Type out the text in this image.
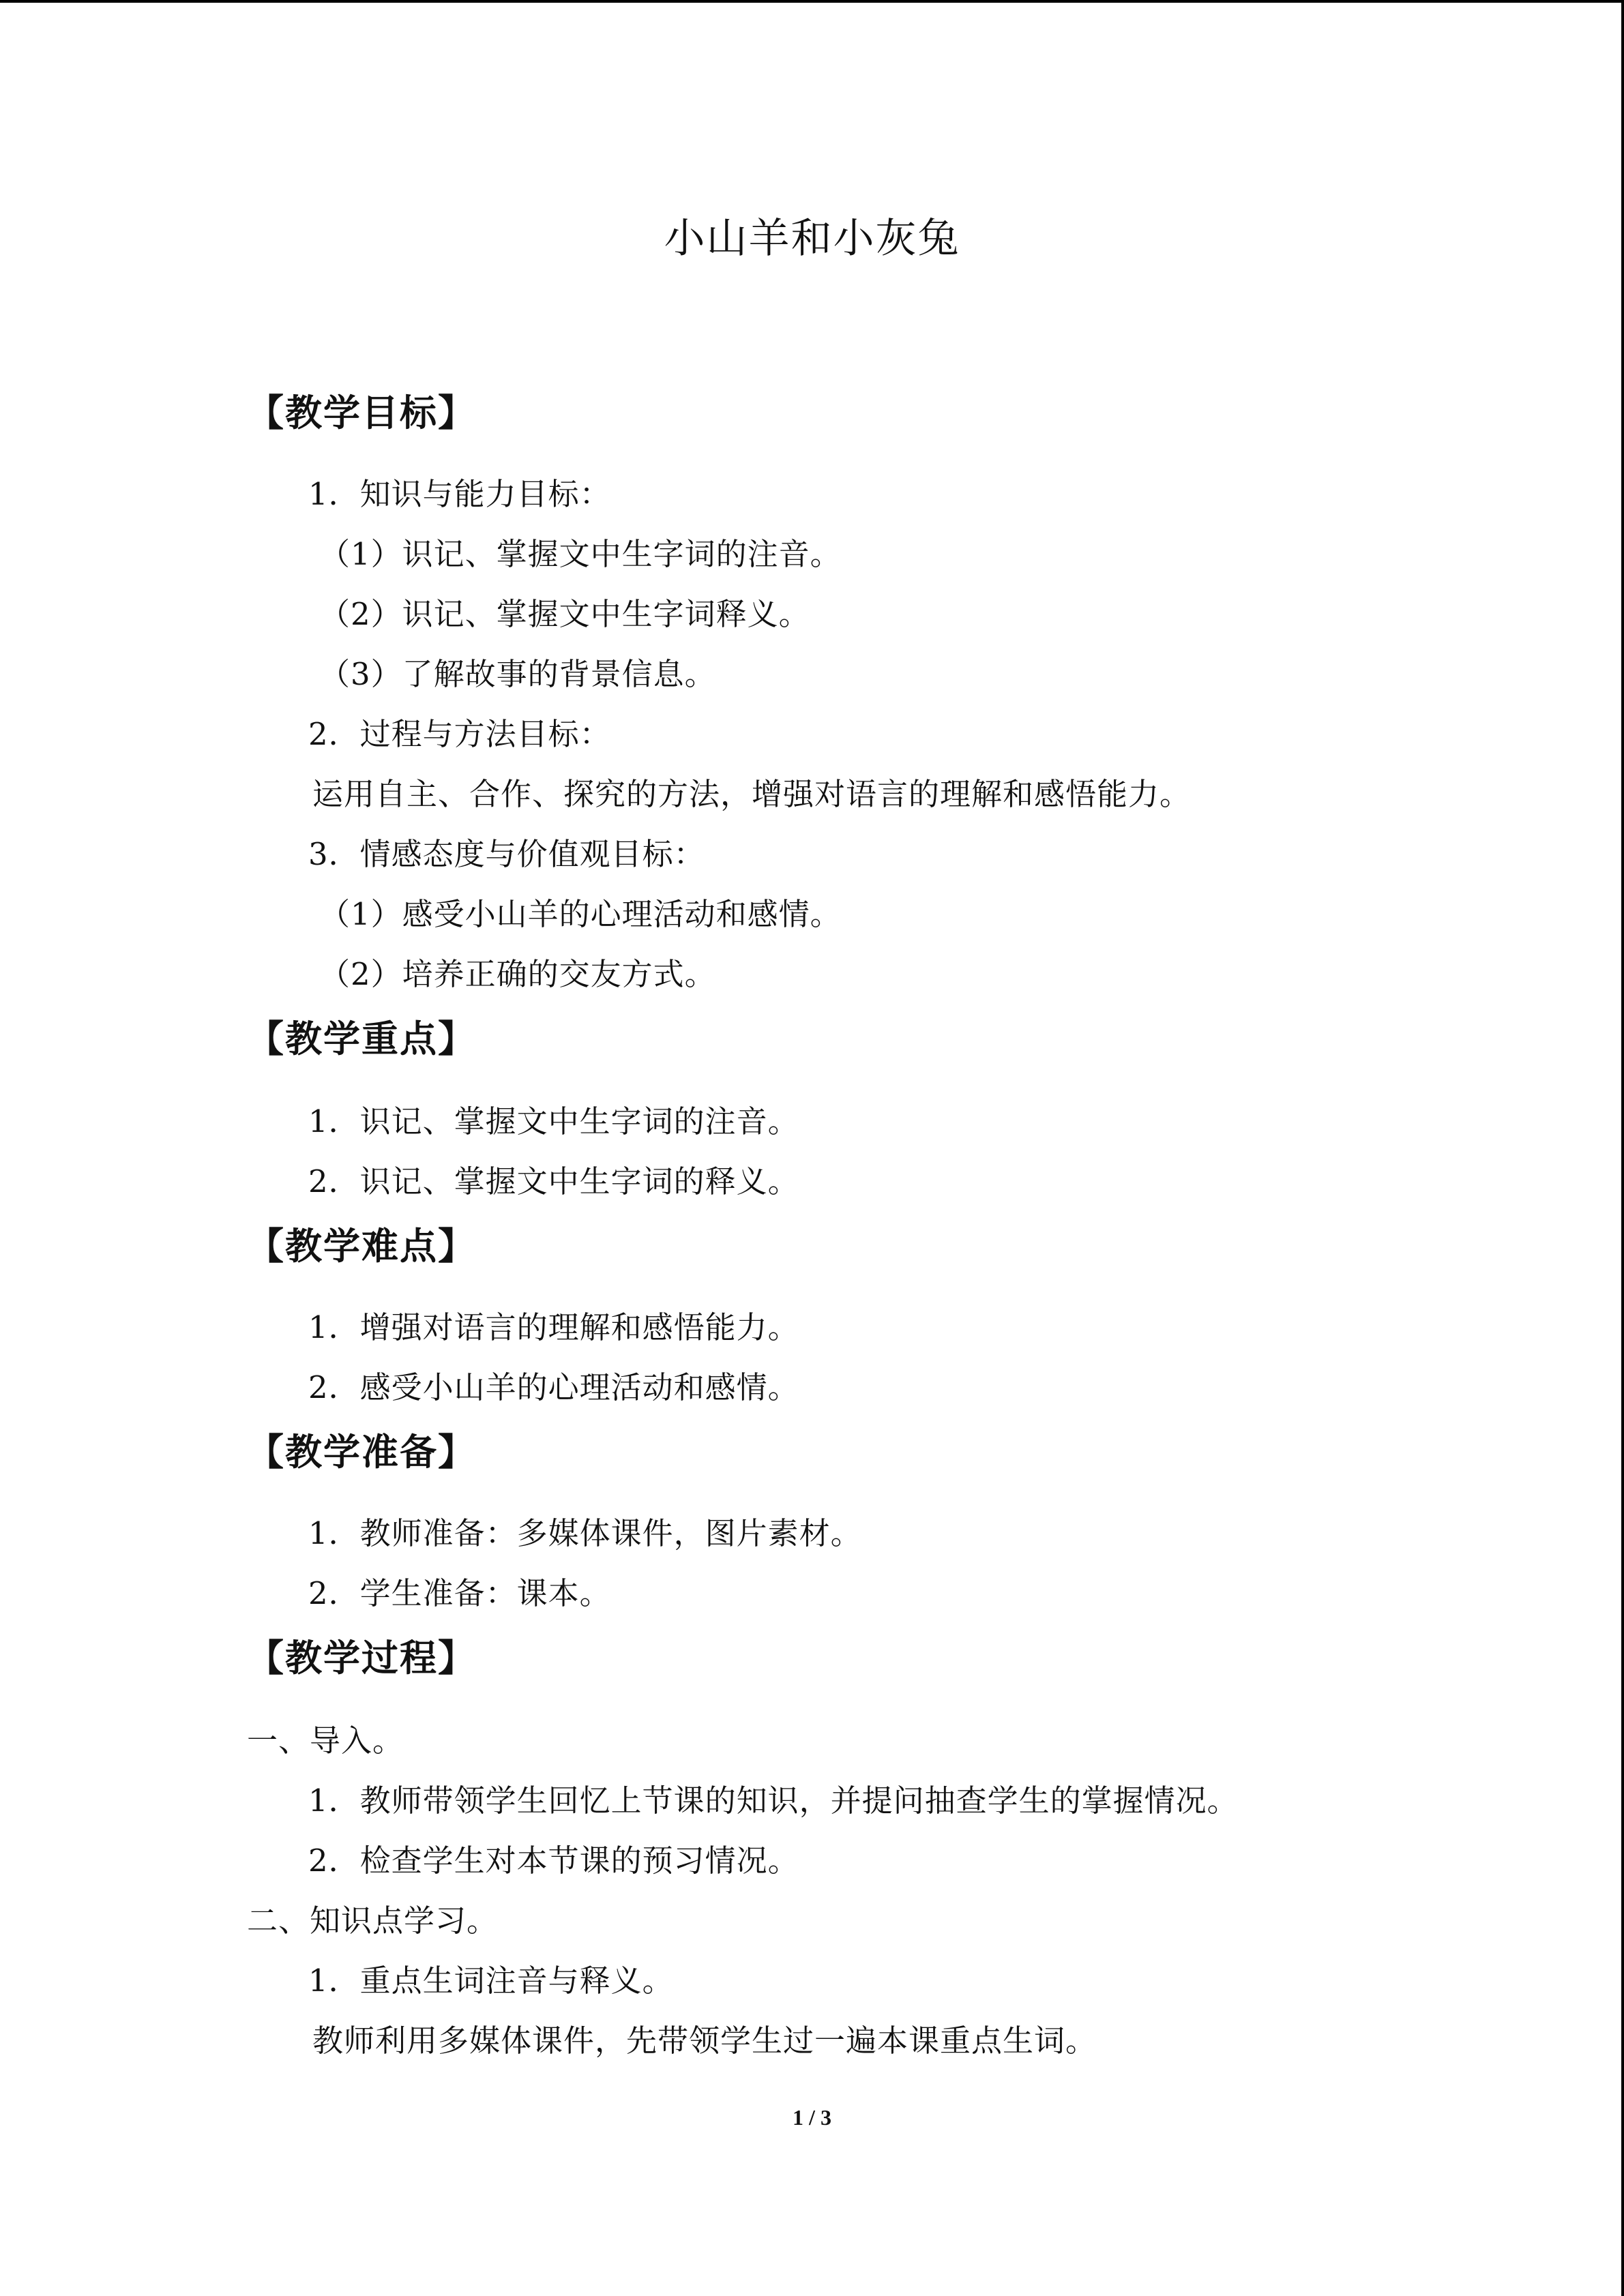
小山羊和小灰兔
【教学目标】
1．知识与能力目标：
（1）识记、掌握文中生字词的注音。
（2）识记、掌握文中生字词释义。
（3）了解故事的背景信息。
2．过程与方法目标：
运用自主、合作、探究的方法，增强对语言的理解和感悟能力。
3．情感态度与价值观目标：
（1）感受小山羊的心理活动和感情。
（2）培养正确的交友方式。
【教学重点】
1．识记、掌握文中生字词的注音。
2．识记、掌握文中生字词的释义。
【教学难点】
1．增强对语言的理解和感悟能力。
2．感受小山羊的心理活动和感情。
【教学准备】
1．教师准备：多媒体课件，图片素材。
2．学生准备：课本。
【教学过程】
一、导入。
1．教师带领学生回忆上节课的知识，并提问抽查学生的掌握情况。
2．检查学生对本节课的预习情况。
二、知识点学习。
1．重点生词注音与释义。
教师利用多媒体课件，先带领学生过一遍本课重点生词。
1 / 3
